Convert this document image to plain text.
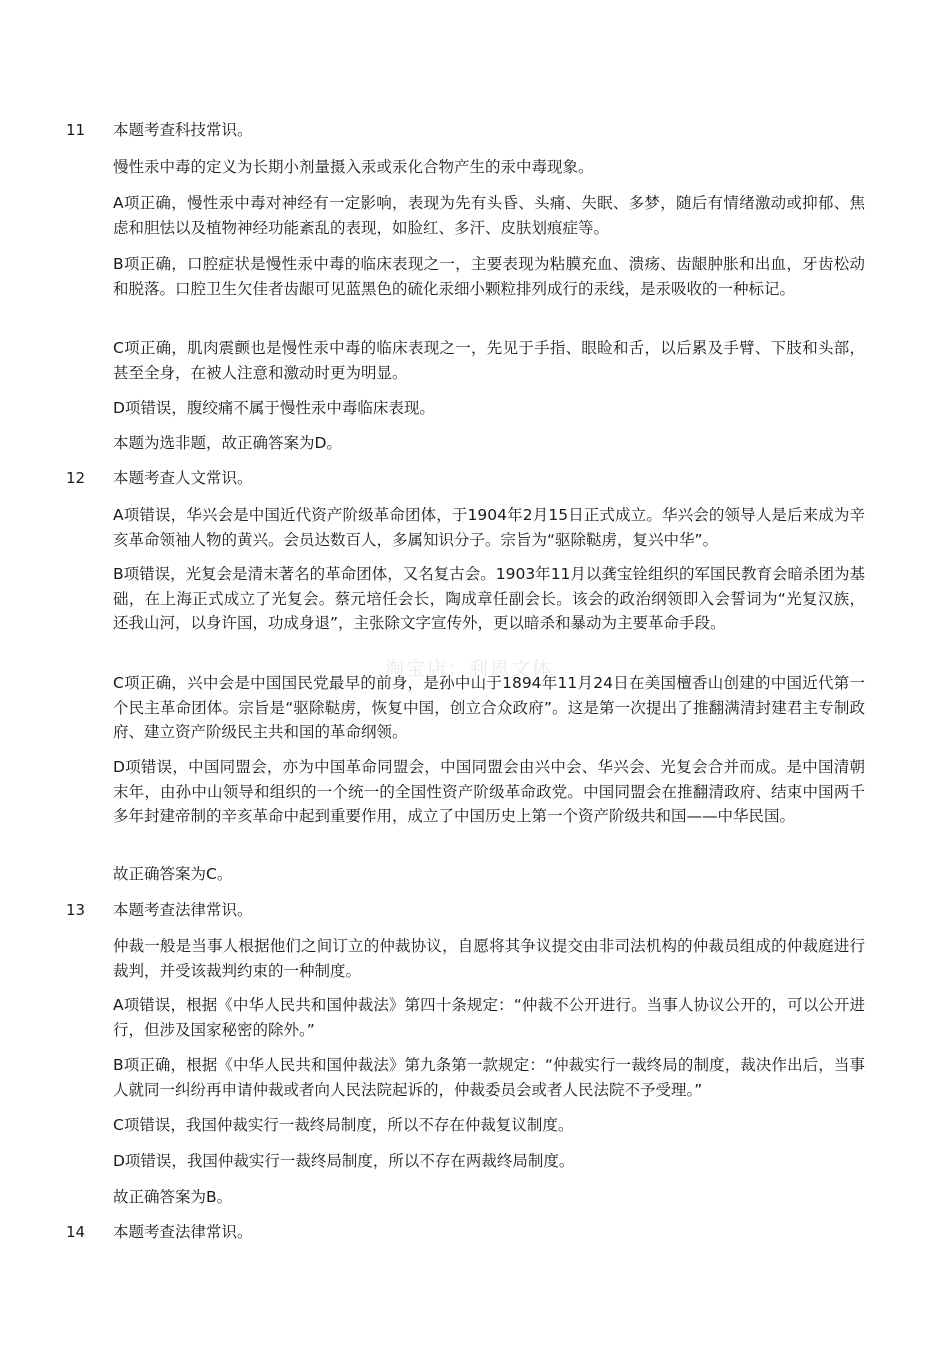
淘宝店：利恩文体
11 本题考查科技常识。

慢性汞中毒的定义为长期小剂量摄入汞或汞化合物产生的汞中毒现象。

A项正确，慢性汞中毒对神经有一定影响，表现为先有头昏、头痛、失眠、多梦，随后有情绪激动或抑郁、焦虑和胆怯以及植物神经功能紊乱的表现，如脸红、多汗、皮肤划痕症等。

B项正确，口腔症状是慢性汞中毒的临床表现之一，主要表现为粘膜充血、溃疡、齿龈肿胀和出血，牙齿松动和脱落。口腔卫生欠佳者齿龈可见蓝黑色的硫化汞细小颗粒排列成行的汞线，是汞吸收的一种标记。

C项正确，肌肉震颤也是慢性汞中毒的临床表现之一，先见于手指、眼睑和舌，以后累及手臂、下肢和头部，甚至全身，在被人注意和激动时更为明显。

D项错误，腹绞痛不属于慢性汞中毒临床表现。

本题为选非题，故正确答案为D。

12 本题考查人文常识。

A项错误，华兴会是中国近代资产阶级革命团体，于1904年2月15日正式成立。华兴会的领导人是后来成为辛亥革命领袖人物的黄兴。会员达数百人，多属知识分子。宗旨为“驱除鞑虏，复兴中华”。

B项错误，光复会是清末著名的革命团体，又名复古会。1903年11月以龚宝铨组织的军国民教育会暗杀团为基础，在上海正式成立了光复会。蔡元培任会长，陶成章任副会长。该会的政治纲领即入会誓词为“光复汉族，还我山河，以身许国，功成身退”，主张除文字宣传外，更以暗杀和暴动为主要革命手段。

C项正确，兴中会是中国国民党最早的前身，是孙中山于1894年11月24日在美国檀香山创建的中国近代第一个民主革命团体。宗旨是“驱除鞑虏，恢复中国，创立合众政府”。这是第一次提出了推翻满清封建君主专制政府、建立资产阶级民主共和国的革命纲领。

D项错误，中国同盟会，亦为中国革命同盟会，中国同盟会由兴中会、华兴会、光复会合并而成。是中国清朝末年，由孙中山领导和组织的一个统一的全国性资产阶级革命政党。中国同盟会在推翻清政府、结束中国两千多年封建帝制的辛亥革命中起到重要作用，成立了中国历史上第一个资产阶级共和国——中华民国。

故正确答案为C。

13 本题考查法律常识。

仲裁一般是当事人根据他们之间订立的仲裁协议，自愿将其争议提交由非司法机构的仲裁员组成的仲裁庭进行裁判，并受该裁判约束的一种制度。

A项错误，根据《中华人民共和国仲裁法》第四十条规定：“仲裁不公开进行。当事人协议公开的，可以公开进行，但涉及国家秘密的除外。”

B项正确，根据《中华人民共和国仲裁法》第九条第一款规定：“仲裁实行一裁终局的制度，裁决作出后，当事人就同一纠纷再申请仲裁或者向人民法院起诉的，仲裁委员会或者人民法院不予受理。”

C项错误，我国仲裁实行一裁终局制度，所以不存在仲裁复议制度。

D项错误，我国仲裁实行一裁终局制度，所以不存在两裁终局制度。

故正确答案为B。

14 本题考查法律常识。
